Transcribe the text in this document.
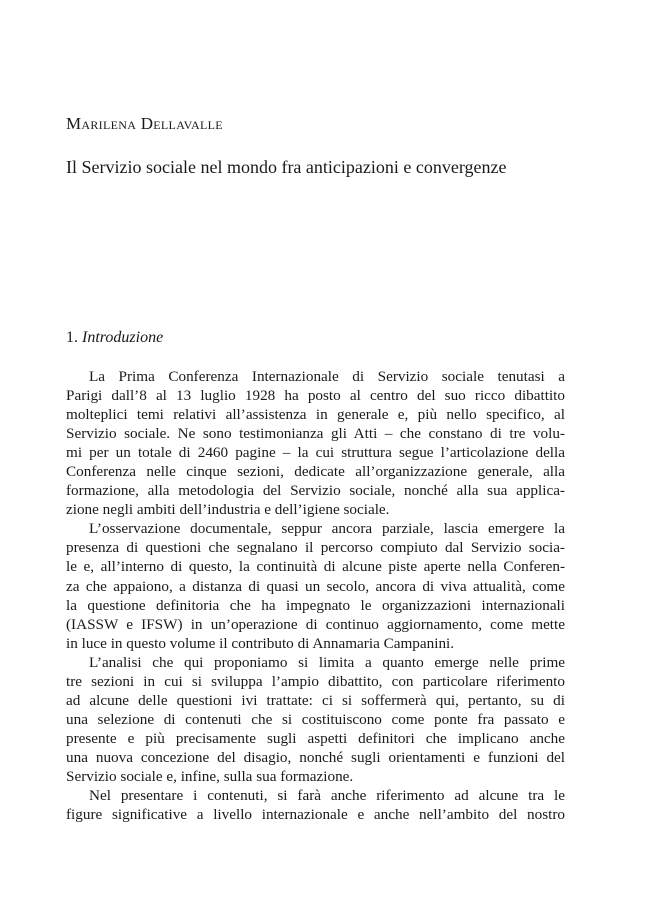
Marilena Dellavalle
Il Servizio sociale nel mondo fra anticipazioni e convergenze
1. Introduzione

La Prima Conferenza Internazionale di Servizio sociale tenutasi a
Parigi dall’8 al 13 luglio 1928 ha posto al centro del suo ricco dibattito
molteplici temi relativi all’assistenza in generale e, più nello specifico, al
Servizio sociale. Ne sono testimonianza gli Atti – che constano di tre volu-
mi per un totale di 2460 pagine – la cui struttura segue l’articolazione della
Conferenza nelle cinque sezioni, dedicate all’organizzazione generale, alla
formazione, alla metodologia del Servizio sociale, nonché alla sua applica-
zione negli ambiti dell’industria e dell’igiene sociale.

L’osservazione documentale, seppur ancora parziale, lascia emergere la
presenza di questioni che segnalano il percorso compiuto dal Servizio socia-
le e, all’interno di questo, la continuità di alcune piste aperte nella Conferen-
za che appaiono, a distanza di quasi un secolo, ancora di viva attualità, come
la questione definitoria che ha impegnato le organizzazioni internazionali
(IASSW e IFSW) in un’operazione di continuo aggiornamento, come mette
in luce in questo volume il contributo di Annamaria Campanini.

L’analisi che qui proponiamo si limita a quanto emerge nelle prime
tre sezioni in cui si sviluppa l’ampio dibattito, con particolare riferimento
ad alcune delle questioni ivi trattate: ci si soffermerà qui, pertanto, su di
una selezione di contenuti che si costituiscono come ponte fra passato e
presente e più precisamente sugli aspetti definitori che implicano anche
una nuova concezione del disagio, nonché sugli orientamenti e funzioni del
Servizio sociale e, infine, sulla sua formazione.

Nel presentare i contenuti, si farà anche riferimento ad alcune tra le
figure significative a livello internazionale e anche nell’ambito del nostro
